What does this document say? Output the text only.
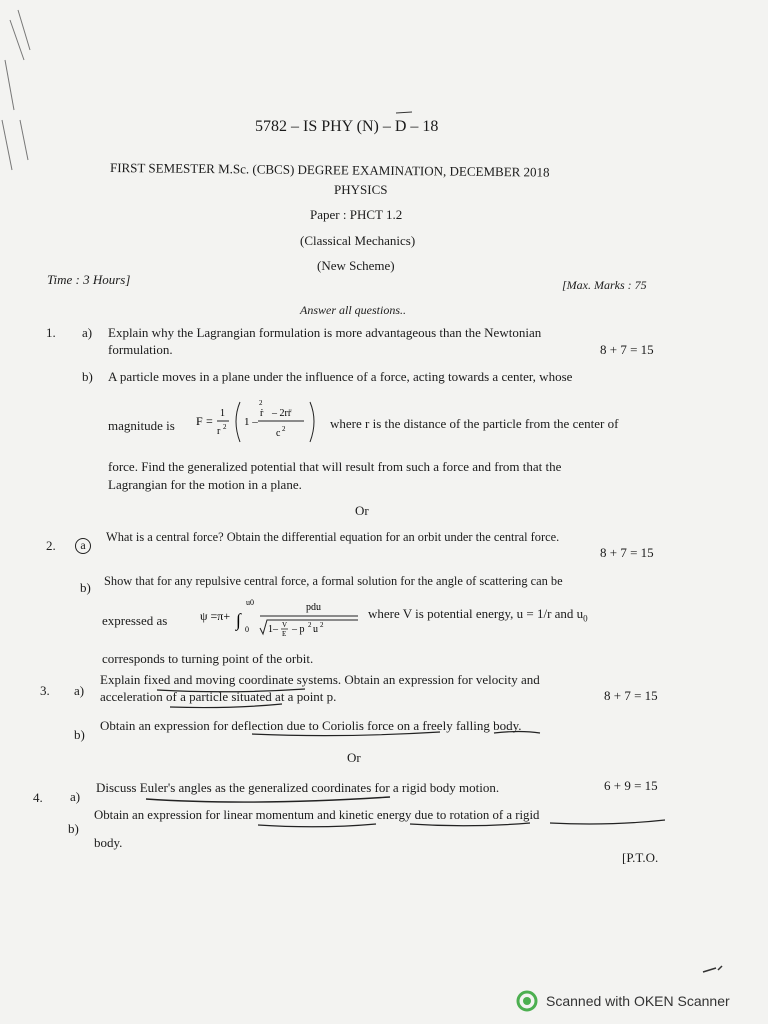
5782 – IS PHY (N) – D – 18
FIRST SEMESTER M.Sc. (CBCS) DEGREE EXAMINATION, DECEMBER 2018
PHYSICS
Paper : PHCT 1.2
(Classical Mechanics)
(New Scheme)
Time : 3 Hours]	[Max. Marks : 75
Answer all questions..
1. a) Explain why the Lagrangian formulation is more advantageous than the Newtonian
formulation.	8 + 7 = 15
b) A particle moves in a plane under the influence of a force, acting towards a center, whose
magnitude is F =
1
r 2 1 –
2
ṙ – 2rr̈
c 2	where r is the distance of the particle from the center of
force. Find the generalized potential that will result from such a force and from that the
Lagrangian for the motion in a plane.
Or
2.	a
What is a central force? Obtain the differential equation for an orbit under the central force.
8 + 7 = 15
b) Show that for any repulsive central force, a formal solution for the angle of scattering can be
expressed as	ψ =π+ ∫
u0
0
pdu
1– V
E – p 2 u 2
where V is potential energy, u = 1/r and $u_0$
corresponds to turning point of the orbit.
3. a)
Explain fixed and moving coordinate systems. Obtain an expression for velocity and
acceleration of a particle situated at a point p.	8 + 7 = 15
b)
Obtain an expression for deflection due to Coriolis force on a freely falling body.
Or
4. a)
Discuss Euler's angles as the generalized coordinates for a rigid body motion.	6 + 9 = 15
b)
Obtain an expression for linear momentum and kinetic energy due to rotation of a rigid
body.
[P.T.O.
Scanned with OKEN Scanner
